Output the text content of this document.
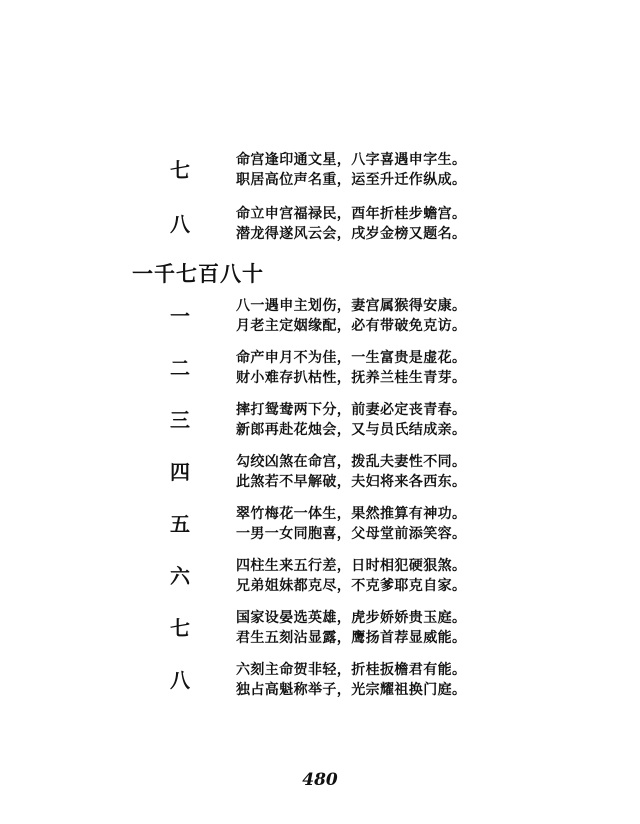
七	命宫逢印通文星，八字喜遇申字生。
职居高位声名重，运至升迁作纵成。
八	命立申宫福禄民，酉年折桂步蟾宫。
潜龙得遂风云会，戌岁金榜又题名。
一千七百八十
一	八一遇申主划伤，妻宫属猴得安康。
月老主定姻缘配，必有带破免克访。
二	命产申月不为佳，一生富贵是虚花。
财小难存扒枯性，抚养兰桂生青芽。
三	摔打鸳鸯两下分，前妻必定丧青春。
新郎再赴花烛会，又与员氏结成亲。
四	勾绞凶煞在命宫，拨乱夫妻性不同。
此煞若不早解破，夫妇将来各西东。
五	翠竹梅花一体生，果然推算有神功。
一男一女同胞喜，父母堂前添笑容。
六	四柱生来五行差，日时相犯硬狠煞。
兄弟姐妹都克尽，不克爹耶克自家。
七	国家设晏选英雄，虎步娇娇贵玉庭。
君生五刻沾显露，鹰扬首荐显威能。
八	六刻主命贺非轻，折桂扳檐君有能。
独占高魁称举子，光宗耀祖换门庭。
480
